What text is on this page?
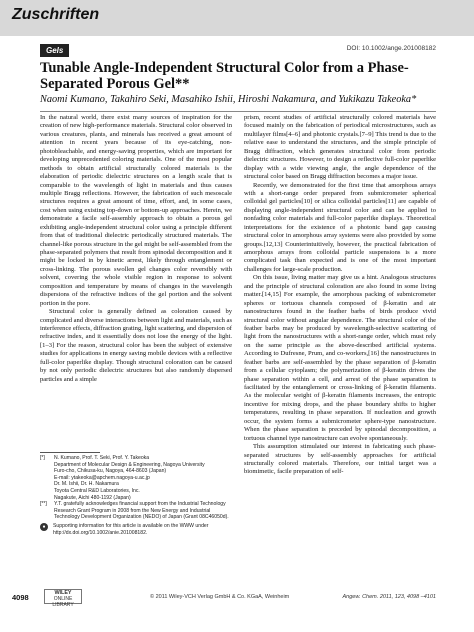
Zuschriften
Gels	DOI: 10.1002/ange.201008182
Tunable Angle-Independent Structural Color from a Phase-Separated Porous Gel**
Naomi Kumano, Takahiro Seki, Masahiko Ishii, Hiroshi Nakamura, and Yukikazu Takeoka*

In the natural world, there exist many sources of inspiration for the creation of new high-performance materials. Structural color observed in various creatures, plants, and minerals has received a great amount of attention in recent years because of its eye-catching, non-photobleachable, and energy-saving properties, which are important for developing unprecedented coloring materials. One of the most popular methods to obtain artificial structurally colored materials is the elaboration of periodic dielectric structures on a length scale that is comparable to the wavelength of light in materials and thus causes multiple Bragg reflections. However, the fabrication of such mesoscale structures requires a great amount of time, effort, and, in some cases, cost when using existing top-down or bottom-up approaches. Herein, we demonstrate a facile self-assembly approach to obtain a porous gel exhibiting angle-independent structural color using a principle different from that of traditional dielectric periodically structured materials. The channel-like porous structure in the gel might be self-assembled from the phase-separated polymers that result from spinodal decomposition and it might be locked in by kinetic arrest, likely through entanglement or cross-linking. The porous swollen gel changes color reversibly with solvent, covering the whole visible region in response to solvent composition and temperature by means of changes in the wavelength dispersions of the refractive indices of the gel portion and the solvent portion in the pore.

Structural color is generally defined as coloration caused by complicated and diverse interactions between light and materials, such as interference effects, diffraction grating, light scattering, and dispersion of refractive index, and it essentially does not lose the energy of the light.[1–3] For the reason, structural color has been the subject of extensive studies for applications in energy saving mobile devices with a reflective full-color paperlike display. Though structural coloration can be caused by not only periodic dielectric structures but also randomly dispersed particles and a simple

prism, recent studies of artificial structurally colored materials have focused mainly on the fabrication of periodical microstructures, such as multilayer films[4–6] and photonic crystals.[7–9] This trend is due to the relative ease to understand the structures, and the simple principle of Bragg diffraction, which generates structural color from periodic dielectric structures. However, to design a reflective full-color paperlike display with a wide viewing angle, the angle dependence of the structural color based on Bragg diffraction becomes a major issue.

Recently, we demonstrated for the first time that amorphous arrays with a short-range order prepared from submicrometer spherical colloidal gel particles[10] or silica colloidal particles[11] are capable of displaying angle-independent structural color and can be applied to nonfading color materials and full-color paperlike displays. Theoretical interpretations for the existence of a photonic band gap causing structural color in amorphous array systems were also provided by some groups.[12,13] Counterintuitively, however, the practical fabrication of amorphous arrays from colloidal particle suspensions is a more complicated task than expected and is one of the most important challenges for large-scale production.

On this issue, living matter may give us a hint. Analogous structures and the principle of structural coloration are also found in some living matter.[14,15] For example, the amorphous packing of submicrometer spheres or tortuous channels composed of β-keratin and air nanostructures found in the feather barbs of birds produce vivid structural color without angular dependence. The structural color of the feather barbs may be produced by wavelength-selective scattering of light from the nanostructures with a short-range order, which must rely on the same principle as the above-described artificial systems. According to Dufresne, Prum, and co-workers,[16] the nanostructures in feather barbs are self-assembled by the phase separation of β-keratin from a cellular cytoplasm; the polymerization of β-keratin drives the phase separation within a cell, and arrest of the phase separation is facilitated by the entanglement or cross-linking of β-keratin filaments. As the molecular weight of β-keratin filaments increases, the entropic incentive for mixing drops, and the phase boundary shifts to higher temperatures, resulting in phase separation. If nucleation and growth occur, the system forms a submicrometer sphere-type nanostructure. When the phase separation is preceded by spinodal decomposition, a tortuous channel type nanostructure can evolve spontaneously.

This assumption stimulated our interest in fabricating such phase-separated structures by self-assembly approaches for artificial structurally colored materials. Therefore, our initial target was a biomimetic, facile preparation of self-

[*]	N. Kumano, Prof. T. Seki, Prof. Y. Takeoka
Department of Molecular Design & Engineering, Nagoya University
Furo-cho, Chikusa-ku, Nagoya, 464-8603 (Japan)
E-mail: ytakeoka@apchem.nagoya-u.ac.jp
Dr. M. Ishii, Dr. H. Nakamura
Toyota Central R&D Laboratories, Inc.
Nagakute, Aichi 480-1192 (Japan)
[**]	Y.T. gratefully acknowledges financial support from the Industrial Technology Research Grant Program in 2008 from the New Energy and Industrial Technology Development Organization (NEDO) of Japan (Grant 08C46050d).
●	Supporting information for this article is available on the WWW under http://dx.doi.org/10.1002/anie.201008182.
4098	WILEY
ONLINE LIBRARY
© 2011 Wiley-VCH Verlag GmbH & Co. KGaA, Weinheim	Angew. Chem. 2011, 123, 4098 –4101
